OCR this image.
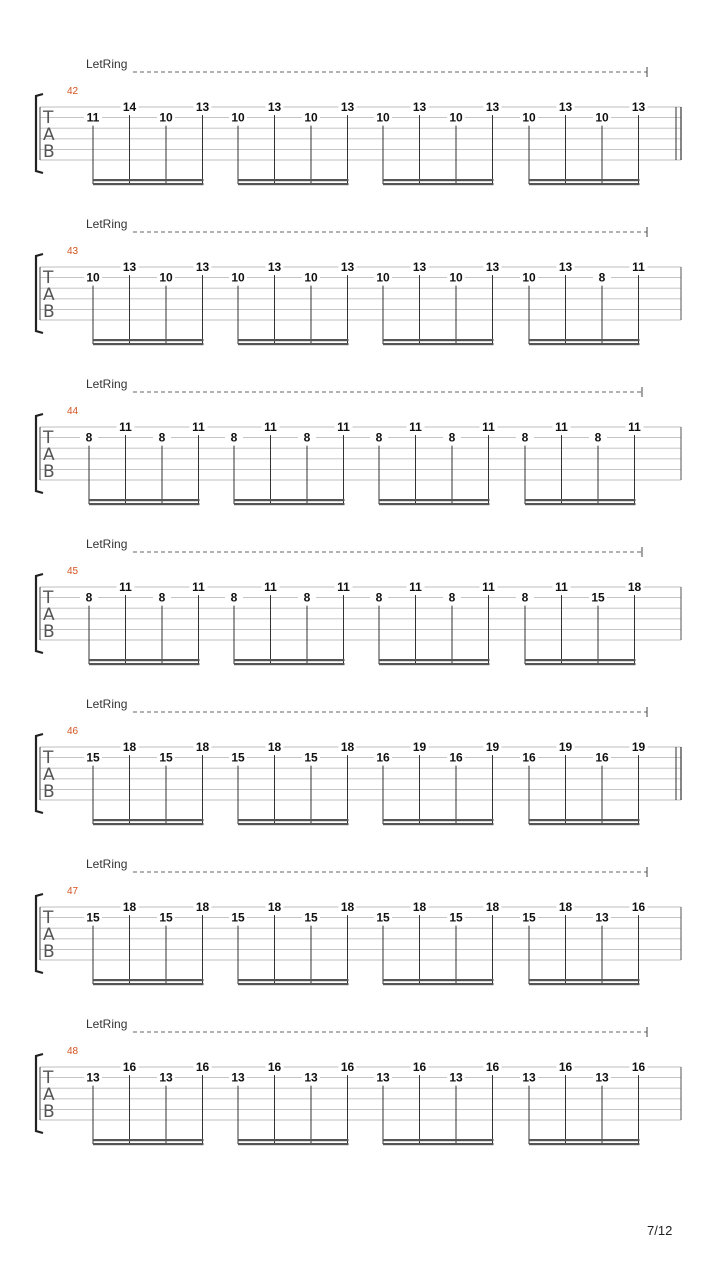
LetRing
42
T
A
B
11
14
10
13
10
13
10
13
10
13
10
13
10
13
10
13
LetRing
43
T
A
B
10
13
10
13
10
13
10
13
10
13
10
13
10
13
8
11
LetRing
44
T
A
B
8
11
8
11
8
11
8
11
8
11
8
11
8
11
8
11
LetRing
45
T
A
B
8
11
8
11
8
11
8
11
8
11
8
11
8
11
15
18
LetRing
46
T
A
B
15
18
15
18
15
18
15
18
16
19
16
19
16
19
16
19
LetRing
47
T
A
B
15
18
15
18
15
18
15
18
15
18
15
18
15
18
13
16
LetRing
48
T
A
B
13
16
13
16
13
16
13
16
13
16
13
16
13
16
13
16
7/12
